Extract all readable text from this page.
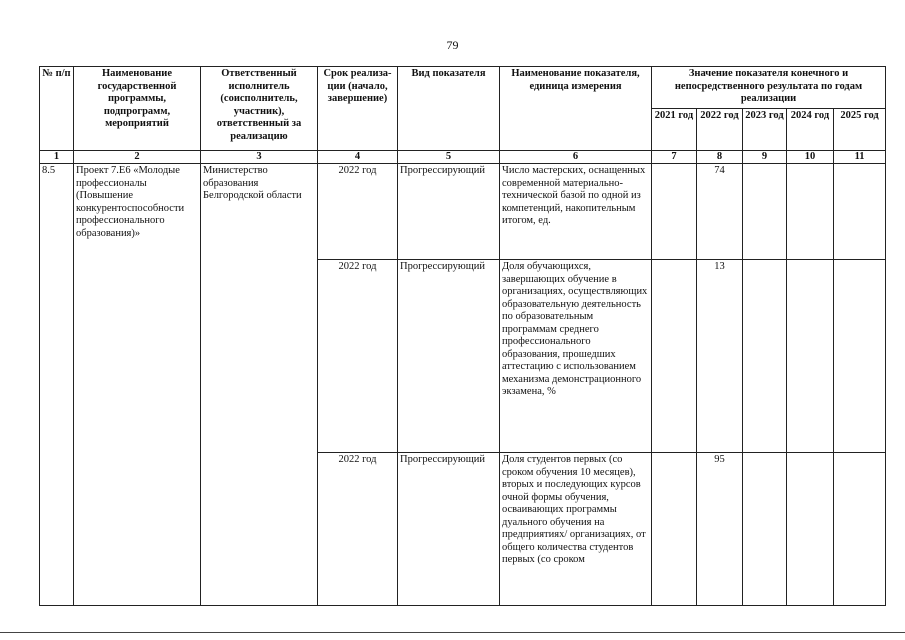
79
№ п/п	Наименование государственной программы, подпрограмм, мероприятий	Ответственный исполнитель (соисполнитель, участник), ответственный за реализацию	Срок реализа-ции (начало, завершение)	Вид показателя	Наименование показателя, единица измерения	Значение показателя конечного и непосредственного результата по годам реализации				
						2021 год	2022 год	2023 год	2024 год	2025 год
1	2	3	4	5	6	7	8	9	10	11
8.5	Проект 7.Е6 «Молодые профессионалы (Повышение конкурентоспособности профессионального образования)»	Министерство образования Белгородской области	2022 год	Прогрессирующий	Число мастерских, оснащенных современной материально-технической базой по одной из компетенций, накопительным итогом, ед.		74			
			2022 год	Прогрессирующий	Доля обучающихся, завершающих обучение в организациях, осуществляющих образовательную деятельность по образовательным программам среднего профессионального образования, прошедших аттестацию с использованием механизма демонстрационного экзамена, %		13			
			2022 год	Прогрессирующий	Доля студентов первых (со сроком обучения 10 месяцев), вторых и последующих курсов очной формы обучения, осваивающих программы дуального обучения на предприятиях/ организациях, от общего количества студентов первых (со сроком		95			
